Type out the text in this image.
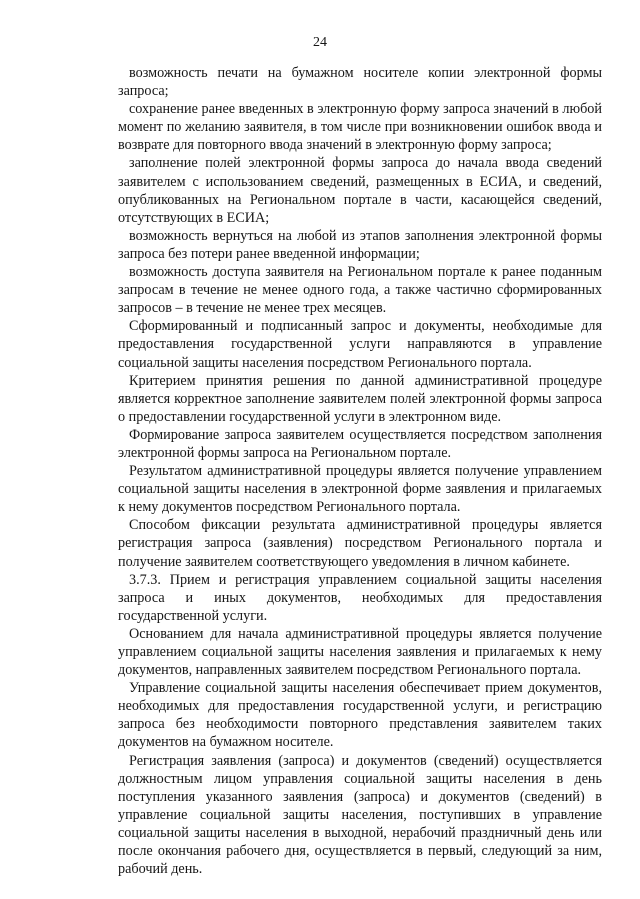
24

возможность печати на бумажном носителе копии электронной формы запроса;

сохранение ранее введенных в электронную форму запроса значений в любой момент по желанию заявителя, в том числе при возникновении ошибок ввода и возврате для повторного ввода значений в электронную форму запроса;

заполнение полей электронной формы запроса до начала ввода сведений заявителем с использованием сведений, размещенных в ЕСИА, и сведений, опубликованных на Региональном портале в части, касающейся сведений, отсутствующих в ЕСИА;

возможность вернуться на любой из этапов заполнения электронной формы запроса без потери ранее введенной информации;

возможность доступа заявителя на Региональном портале к ранее поданным запросам в течение не менее одного года, а также частично сформированных запросов – в течение не менее трех месяцев.

Сформированный и подписанный запрос и документы, необходимые для предоставления государственной услуги направляются в управление социальной защиты населения посредством Регионального портала.

Критерием принятия решения по данной административной процедуре является корректное заполнение заявителем полей электронной формы запроса о предоставлении государственной услуги в электронном виде.

Формирование запроса заявителем осуществляется посредством заполнения электронной формы запроса на Региональном портале.

Результатом административной процедуры является получение управлением социальной защиты населения в электронной форме заявления и прилагаемых к нему документов посредством Регионального портала.

Способом фиксации результата административной процедуры является регистрация запроса (заявления) посредством Регионального портала и получение заявителем соответствующего уведомления в личном кабинете.

3.7.3. Прием и регистрация управлением социальной защиты населения запроса и иных документов, необходимых для предоставления государственной услуги.

Основанием для начала административной процедуры является получение управлением социальной защиты населения заявления и прилагаемых к нему документов, направленных заявителем посредством Регионального портала.

Управление социальной защиты населения обеспечивает прием документов, необходимых для предоставления государственной услуги, и регистрацию запроса без необходимости повторного представления заявителем таких документов на бумажном носителе.

Регистрация заявления (запроса) и документов (сведений) осуществляется должностным лицом управления социальной защиты населения в день поступления указанного заявления (запроса) и документов (сведений) в управление социальной защиты населения, поступивших в управление социальной защиты населения в выходной, нерабочий праздничный день или после окончания рабочего дня, осуществляется в первый, следующий за ним, рабочий день.
